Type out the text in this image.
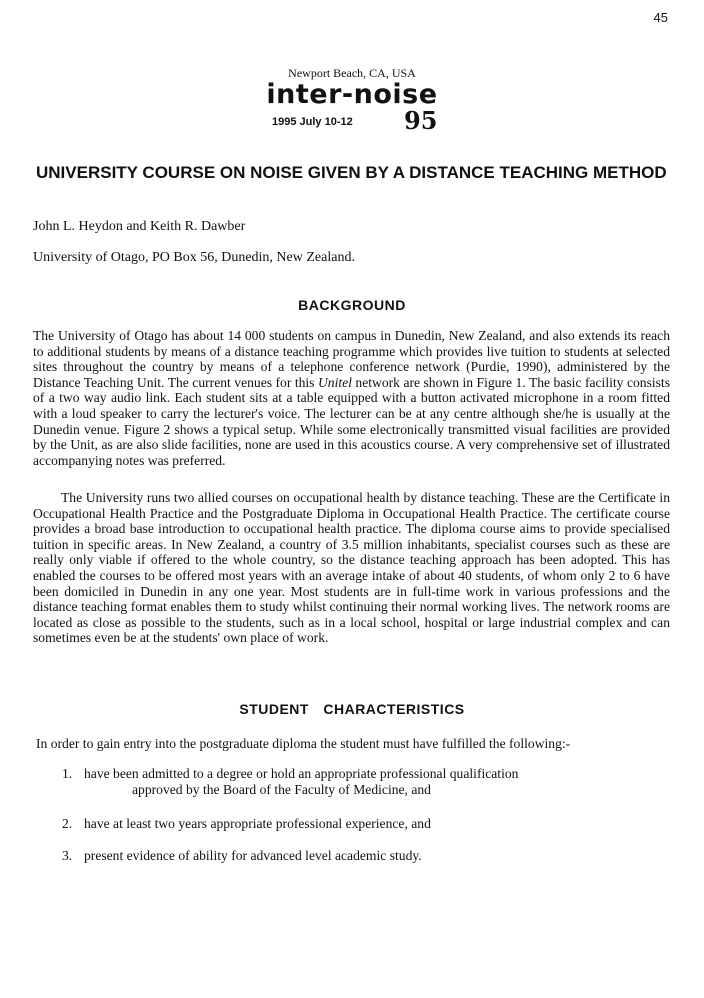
45
Newport Beach, CA, USA
inter-noise
1995 July 10-12 95
UNIVERSITY COURSE ON NOISE GIVEN BY A DISTANCE TEACHING METHOD
John L. Heydon and Keith R. Dawber
University of Otago, PO Box 56, Dunedin, New Zealand.
BACKGROUND
The University of Otago has about 14 000 students on campus in Dunedin, New Zealand, and also extends its reach to additional students by means of a distance teaching programme which provides live tuition to students at selected sites throughout the country by means of a telephone conference network (Purdie, 1990), administered by the Distance Teaching Unit. The current venues for this Unitel network are shown in Figure 1. The basic facility consists of a two way audio link. Each student sits at a table equipped with a button activated microphone in a room fitted with a loud speaker to carry the lecturer's voice. The lecturer can be at any centre although she/he is usually at the Dunedin venue. Figure 2 shows a typical setup. While some electronically transmitted visual facilities are provided by the Unit, as are also slide facilities, none are used in this acoustics course. A very comprehensive set of illustrated accompanying notes was preferred.
The University runs two allied courses on occupational health by distance teaching. These are the Certificate in Occupational Health Practice and the Postgraduate Diploma in Occupational Health Practice. The certificate course provides a broad base introduction to occupational health practice. The diploma course aims to provide specialised tuition in specific areas. In New Zealand, a country of 3.5 million inhabitants, specialist courses such as these are really only viable if offered to the whole country, so the distance teaching approach has been adopted. This has enabled the courses to be offered most years with an average intake of about 40 students, of whom only 2 to 6 have been domiciled in Dunedin in any one year. Most students are in full-time work in various professions and the distance teaching format enables them to study whilst continuing their normal working lives. The network rooms are located as close as possible to the students, such as in a local school, hospital or large industrial complex and can sometimes even be at the students' own place of work.
STUDENT CHARACTERISTICS
In order to gain entry into the postgraduate diploma the student must have fulfilled the following:-
1. have been admitted to a degree or hold an appropriate professional qualification
approved by the Board of the Faculty of Medicine, and
2. have at least two years appropriate professional experience, and
3. present evidence of ability for advanced level academic study.
